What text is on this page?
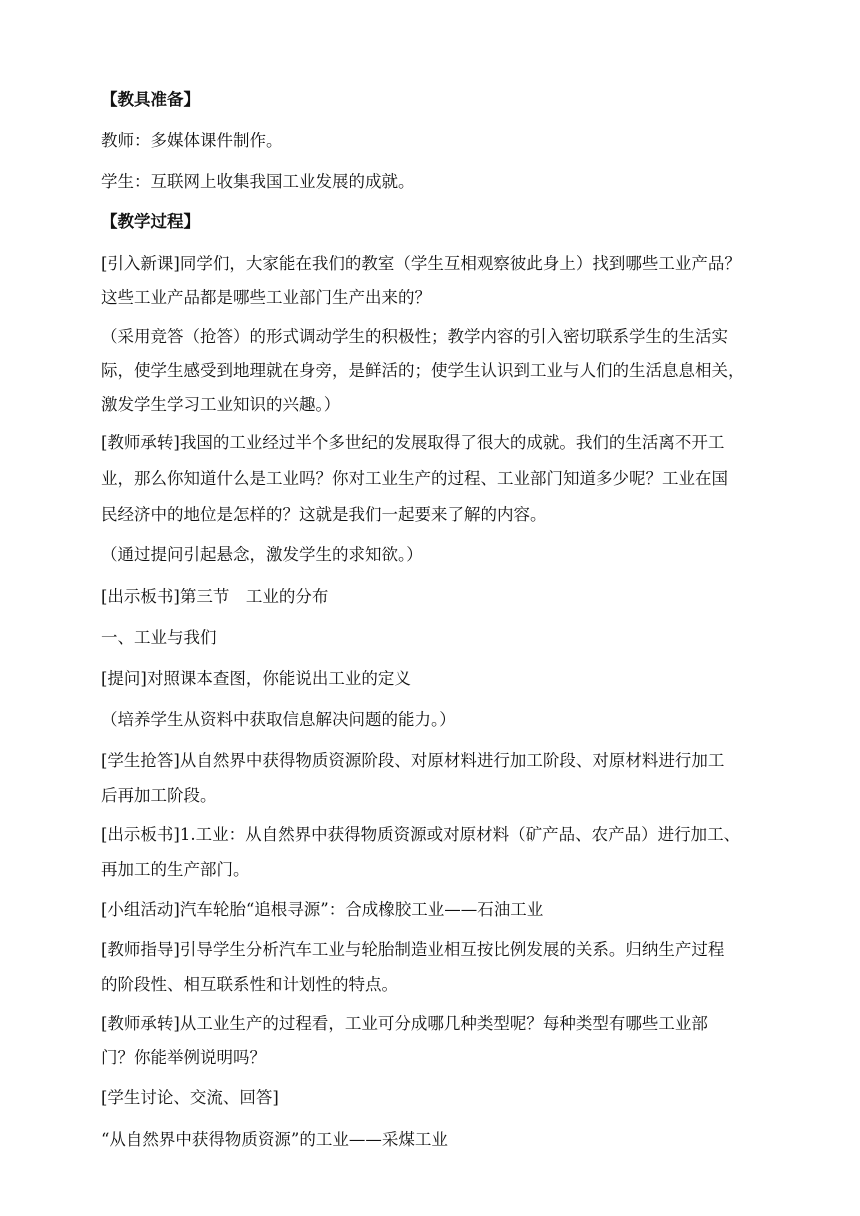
【教具准备】
教师：多媒体课件制作。
学生：互联网上收集我国工业发展的成就。
【教学过程】
[引入新课]同学们，大家能在我们的教室（学生互相观察彼此身上）找到哪些工业产品？
这些工业产品都是哪些工业部门生产出来的？
（采用竞答（抢答）的形式调动学生的积极性；教学内容的引入密切联系学生的生活实
际，使学生感受到地理就在身旁，是鲜活的；使学生认识到工业与人们的生活息息相关，
激发学生学习工业知识的兴趣。）
[教师承转]我国的工业经过半个多世纪的发展取得了很大的成就。我们的生活离不开工
业，那么你知道什么是工业吗？你对工业生产的过程、工业部门知道多少呢？工业在国
民经济中的地位是怎样的？这就是我们一起要来了解的内容。
（通过提问引起悬念，激发学生的求知欲。）
[出示板书]第三节　工业的分布
一、工业与我们
[提问]对照课本查图，你能说出工业的定义
（培养学生从资料中获取信息解决问题的能力。）
[学生抢答]从自然界中获得物质资源阶段、对原材料进行加工阶段、对原材料进行加工
后再加工阶段。
[出示板书]1.工业：从自然界中获得物质资源或对原材料（矿产品、农产品）进行加工、
再加工的生产部门。
[小组活动]汽车轮胎“追根寻源”：合成橡胶工业——石油工业
[教师指导]引导学生分析汽车工业与轮胎制造业相互按比例发展的关系。归纳生产过程
的阶段性、相互联系性和计划性的特点。
[教师承转]从工业生产的过程看，工业可分成哪几种类型呢？每种类型有哪些工业部
门？你能举例说明吗？
[学生讨论、交流、回答]
“从自然界中获得物质资源”的工业——采煤工业
